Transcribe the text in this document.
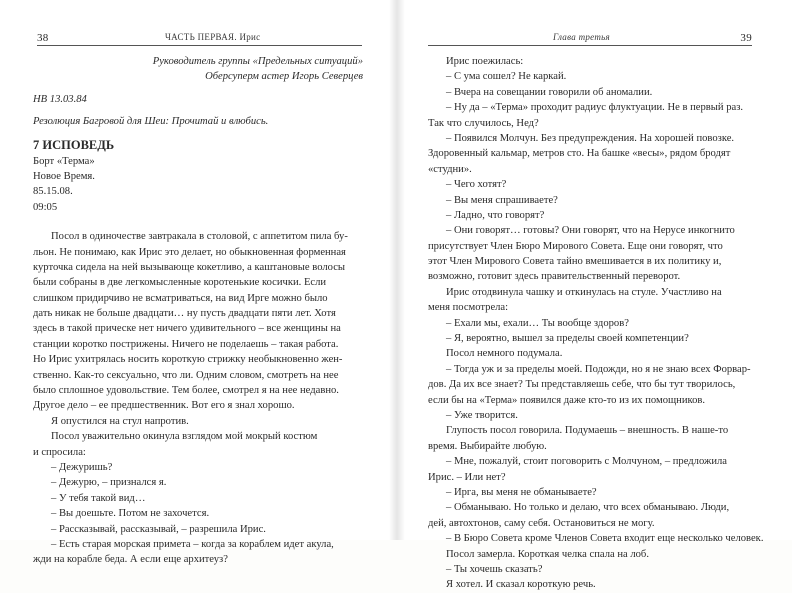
38	ЧАСТЬ ПЕРВАЯ. Ирис
Руководитель группы «Предельных ситуаций»
Оберсуперм астер Игорь Северцев
НВ 13.03.84
Резолюция Багровой для Шеи: Прочитай и влюбись.
7 ИСПОВЕДЬ
Борт «Терма»
Новое Время.
85.15.08.
09:05
Посол в одиночестве завтракала в столовой, с аппетитом пила бу-
льон. Не понимаю, как Ирис это делает, но обыкновенная форменная
курточка сидела на ней вызывающе кокетливо, а каштановые волосы
были собраны в две легкомысленные коротенькие косички. Если
слишком придирчиво не всматриваться, на вид Ирге можно было
дать никак не больше двадцати… ну пусть двадцати пяти лет. Хотя
здесь в такой прическе нет ничего удивительного – все женщины на
станции коротко пострижены. Ничего не поделаешь – такая работа.
Но Ирис ухитрялась носить короткую стрижку необыкновенно жен-
ственно. Как-то сексуально, что ли. Одним словом, смотреть на нее
было сплошное удовольствие. Тем более, смотрел я на нее недавно.
Другое дело – ее предшественник. Вот его я знал хорошо.
Я опустился на стул напротив.
Посол уважительно окинула взглядом мой мокрый костюм
и спросила:
– Дежуришь?
– Дежурю, – признался я.
– У тебя такой вид…
– Вы доешьте. Потом не захочется.
– Рассказывай, рассказывай, – разрешила Ирис.
– Есть старая морская примета – когда за кораблем идет акула,
жди на корабле беда. А если еще архитеуз?
Глава третья	39
Ирис поежилась:
– С ума сошел? Не каркай.
– Вчера на совещании говорили об аномалии.
– Ну да – «Терма» проходит радиус флуктуации. Не в первый раз.
Так что случилось, Нед?
– Появился Молчун. Без предупреждения. На хорошей повозке.
Здоровенный кальмар, метров сто. На башке «весы», рядом бродят
«студни».
– Чего хотят?
– Вы меня спрашиваете?
– Ладно, что говорят?
– Они говорят… готовы? Они говорят, что на Нерусе инкогнито
присутствует Член Бюро Мирового Совета. Еще они говорят, что
этот Член Мирового Совета тайно вмешивается в их политику и,
возможно, готовит здесь правительственный переворот.
Ирис отодвинула чашку и откинулась на стуле. Участливо на
меня посмотрела:
– Ехали мы, ехали… Ты вообще здоров?
– Я, вероятно, вышел за пределы своей компетенции?
Посол немного подумала.
– Тогда уж и за пределы моей. Подожди, но я не знаю всех Форвар-
дов. Да их все знает? Ты представляешь себе, что бы тут творилось,
если бы на «Терма» появился даже кто-то из их помощников.
– Уже творится.
Глупость посол говорила. Подумаешь – внешность. В наше-то
время. Выбирайте любую.
– Мне, пожалуй, стоит поговорить с Молчуном, – предложила
Ирис. – Или нет?
– Ирга, вы меня не обманываете?
– Обманываю. Но только и делаю, что всех обманываю. Люди,
дей, автохтонов, саму себя. Остановиться не могу.
– В Бюро Совета кроме Членов Совета входит еще несколько человек.
Посол замерла. Короткая челка спала на лоб.
– Ты хочешь сказать?
Я хотел. И сказал короткую речь.
